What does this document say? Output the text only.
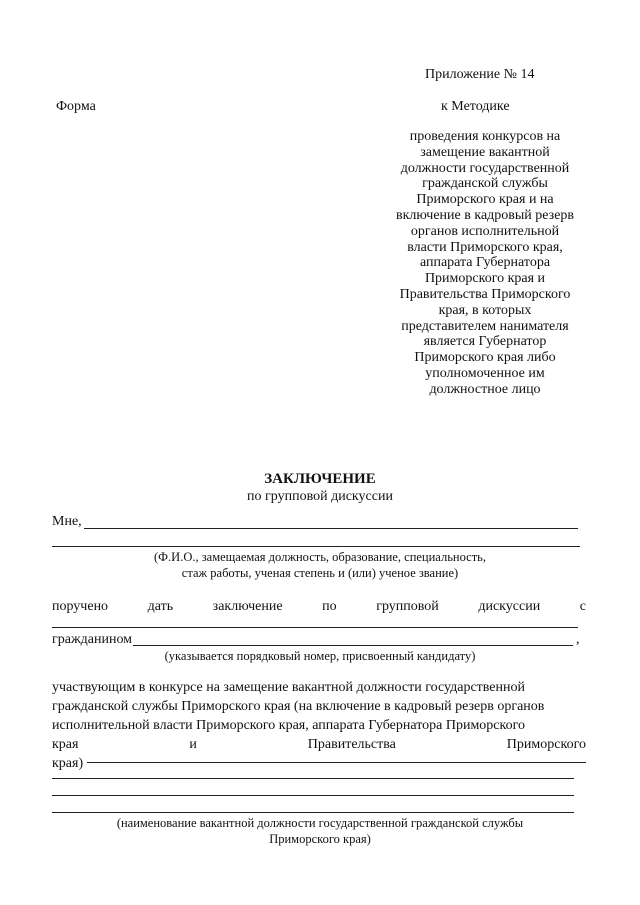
Приложение № 14
Форма	к Методике
проведения конкурсов на
замещение вакантной
должности государственной
гражданской службы
Приморского края и на
включение в кадровый резерв
органов исполнительной
власти Приморского края,
аппарата Губернатора
Приморского края и
Правительства Приморского
края, в которых
представителем нанимателя
является Губернатор
Приморского края либо
уполномоченное им
должностное лицо
ЗАКЛЮЧЕНИЕ
по групповой дискуссии
Мне,
(Ф.И.О., замещаемая должность, образование, специальность,
стаж работы, ученая степень и (или) ученое звание)
поручено	дать	заключение	по	групповой	дискуссии	с
гражданином	,
(указывается порядковый номер, присвоенный кандидату)
участвующим в конкурсе на замещение вакантной должности государственной
гражданской службы Приморского края (на включение в кадровый резерв органов
исполнительной власти Приморского края, аппарата Губернатора Приморского
края	и	Правительства	Приморского
края)
(наименование вакантной должности государственной гражданской службы
Приморского края)
